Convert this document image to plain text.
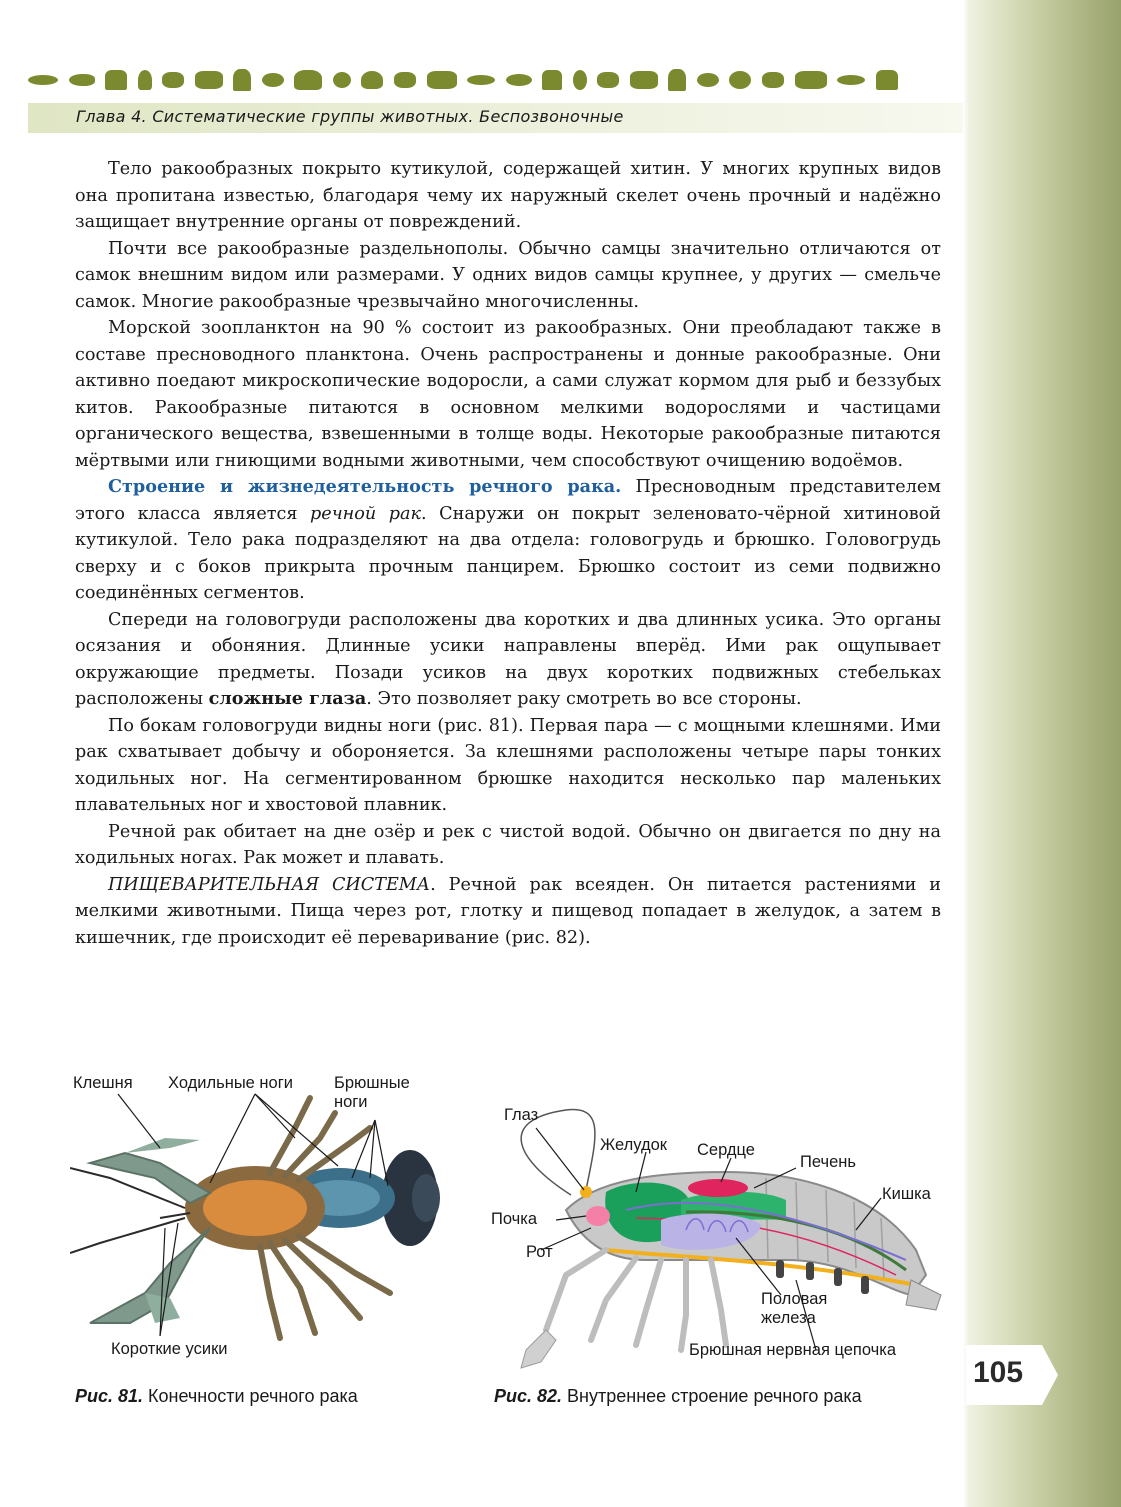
Глава 4. Систематические группы животных. Беспозвоночные

Тело ракообразных покрыто кутикулой, содержащей хитин. У многих крупных видов она пропитана известью, благодаря чему их наружный скелет очень прочный и надёжно защищает внутренние органы от повреждений.

Почти все ракообразные раздельнополы. Обычно самцы значительно отличаются от самок внешним видом или размерами. У одних видов самцы крупнее, у других — смельче самок. Многие ракообразные чрезвычайно многочисленны.

Морской зоопланктон на 90 % состоит из ракообразных. Они преобладают также в составе пресноводного планктона. Очень распространены и донные ракообразные. Они активно поедают микроскопические водоросли, а сами служат кормом для рыб и беззубых китов. Ракообразные питаются в основном мелкими водорослями и частицами органического вещества, взвешенными в толще воды. Некоторые ракообразные питаются мёртвыми или гниющими водными животными, чем способствуют очищению водоёмов.

Строение и жизнедеятельность речного рака. Пресноводным представителем этого класса является речной рак. Снаружи он покрыт зеленовато-чёрной хитиновой кутикулой. Тело рака подразделяют на два отдела: головогрудь и брюшко. Головогрудь сверху и с боков прикрыта прочным панцирем. Брюшко состоит из семи подвижно соединённых сегментов.

Спереди на головогруди расположены два коротких и два длинных усика. Это органы осязания и обоняния. Длинные усики направлены вперёд. Ими рак ощупывает окружающие предметы. Позади усиков на двух коротких подвижных стебельках расположены сложные глаза. Это позволяет раку смотреть во все стороны.

По бокам головогруди видны ноги (рис. 81). Первая пара — с мощными клешнями. Ими рак схватывает добычу и обороняется. За клешнями расположены четыре пары тонких ходильных ног. На сегментированном брюшке находится несколько пар маленьких плавательных ног и хвостовой плавник.

Речной рак обитает на дне озёр и рек с чистой водой. Обычно он двигается по дну на ходильных ногах. Рак может и плавать.

ПИЩЕВАРИТЕЛЬНАЯ СИСТЕМА. Речной рак всеяден. Он питается растениями и мелкими животными. Пища через рот, глотку и пищевод попадает в желудок, а затем в кишечник, где происходит её переваривание (рис. 82).

Клешня Ходильные ноги Брюшные
ноги
Короткие усики
Глаз
Желудок Сердце
Печень
Кишка
Почка
Рот
Половая
железа
Брюшная нервная цепочка
Рис. 81. Конечности речного рака	Рис. 82. Внутреннее строение речного рака
105
